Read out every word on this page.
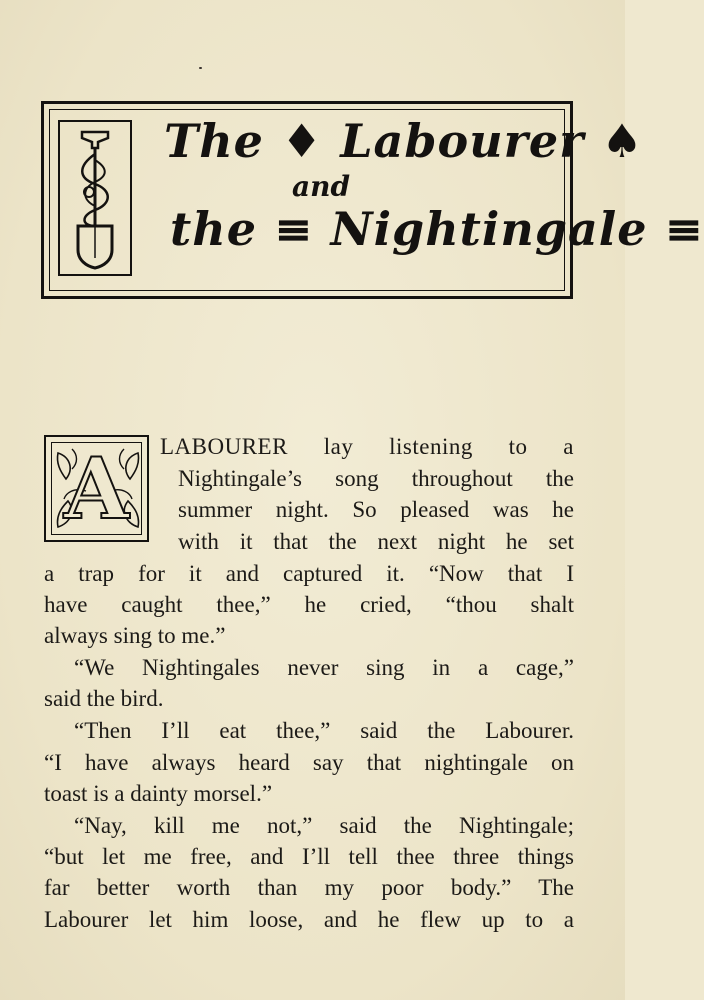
The ♦ Labourer ♠
and
the ≡ Nightingale ≡
A	LABOURER lay listening to a
Nightingale’s song throughout the
summer night. So pleased was he
with it that the next night he set
a trap for it and captured it. “Now that I
have caught thee,” he cried, “thou shalt
always sing to me.”
“We Nightingales never sing in a cage,”
said the bird.
“Then I’ll eat thee,” said the Labourer.
“I have always heard say that nightingale on
toast is a dainty morsel.”
“Nay, kill me not,” said the Nightingale;
“but let me free, and I’ll tell thee three things
far better worth than my poor body.” The
Labourer let him loose, and he flew up to a
